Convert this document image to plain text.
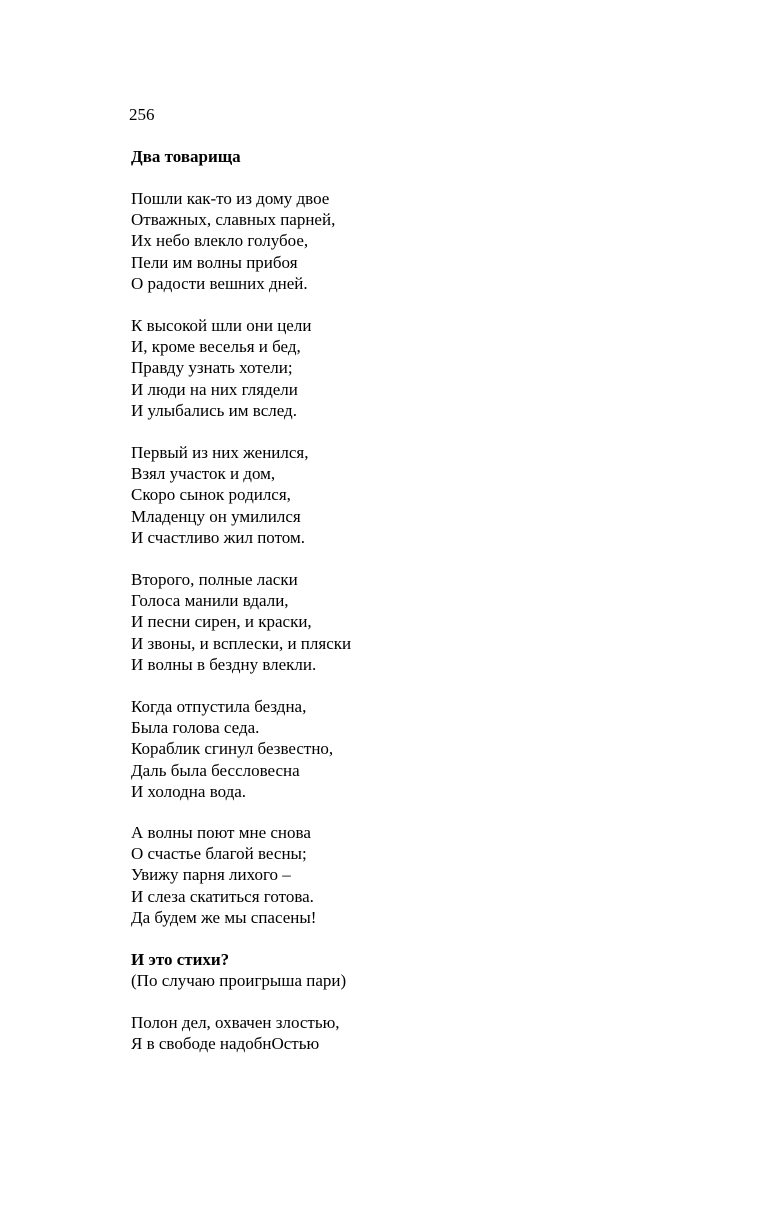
256
Два товарища
Пошли как-то из дому двое
Отважных, славных парней,
Их небо влекло голубое,
Пели им волны прибоя
О радости вешних дней.
К высокой шли они цели
И, кроме веселья и бед,
Правду узнать хотели;
И люди на них глядели
И улыбались им вслед.
Первый из них женился,
Взял участок и дом,
Скоро сынок родился,
Младенцу он умилился
И счастливо жил потом.
Второго, полные ласки
Голоса манили вдали,
И песни сирен, и краски,
И звоны, и всплески, и пляски
И волны в бездну влекли.
Когда отпустила бездна,
Была голова седа.
Кораблик сгинул безвестно,
Даль была бессловесна
И холодна вода.
А волны поют мне снова
О счастье благой весны;
Увижу парня лихого –
И слеза скатиться готова.
Да будем же мы спасены!
И это стихи?
(По случаю проигрыша пари)
Полон дел, охвачен злостью,
Я в свободе надобнОстью
